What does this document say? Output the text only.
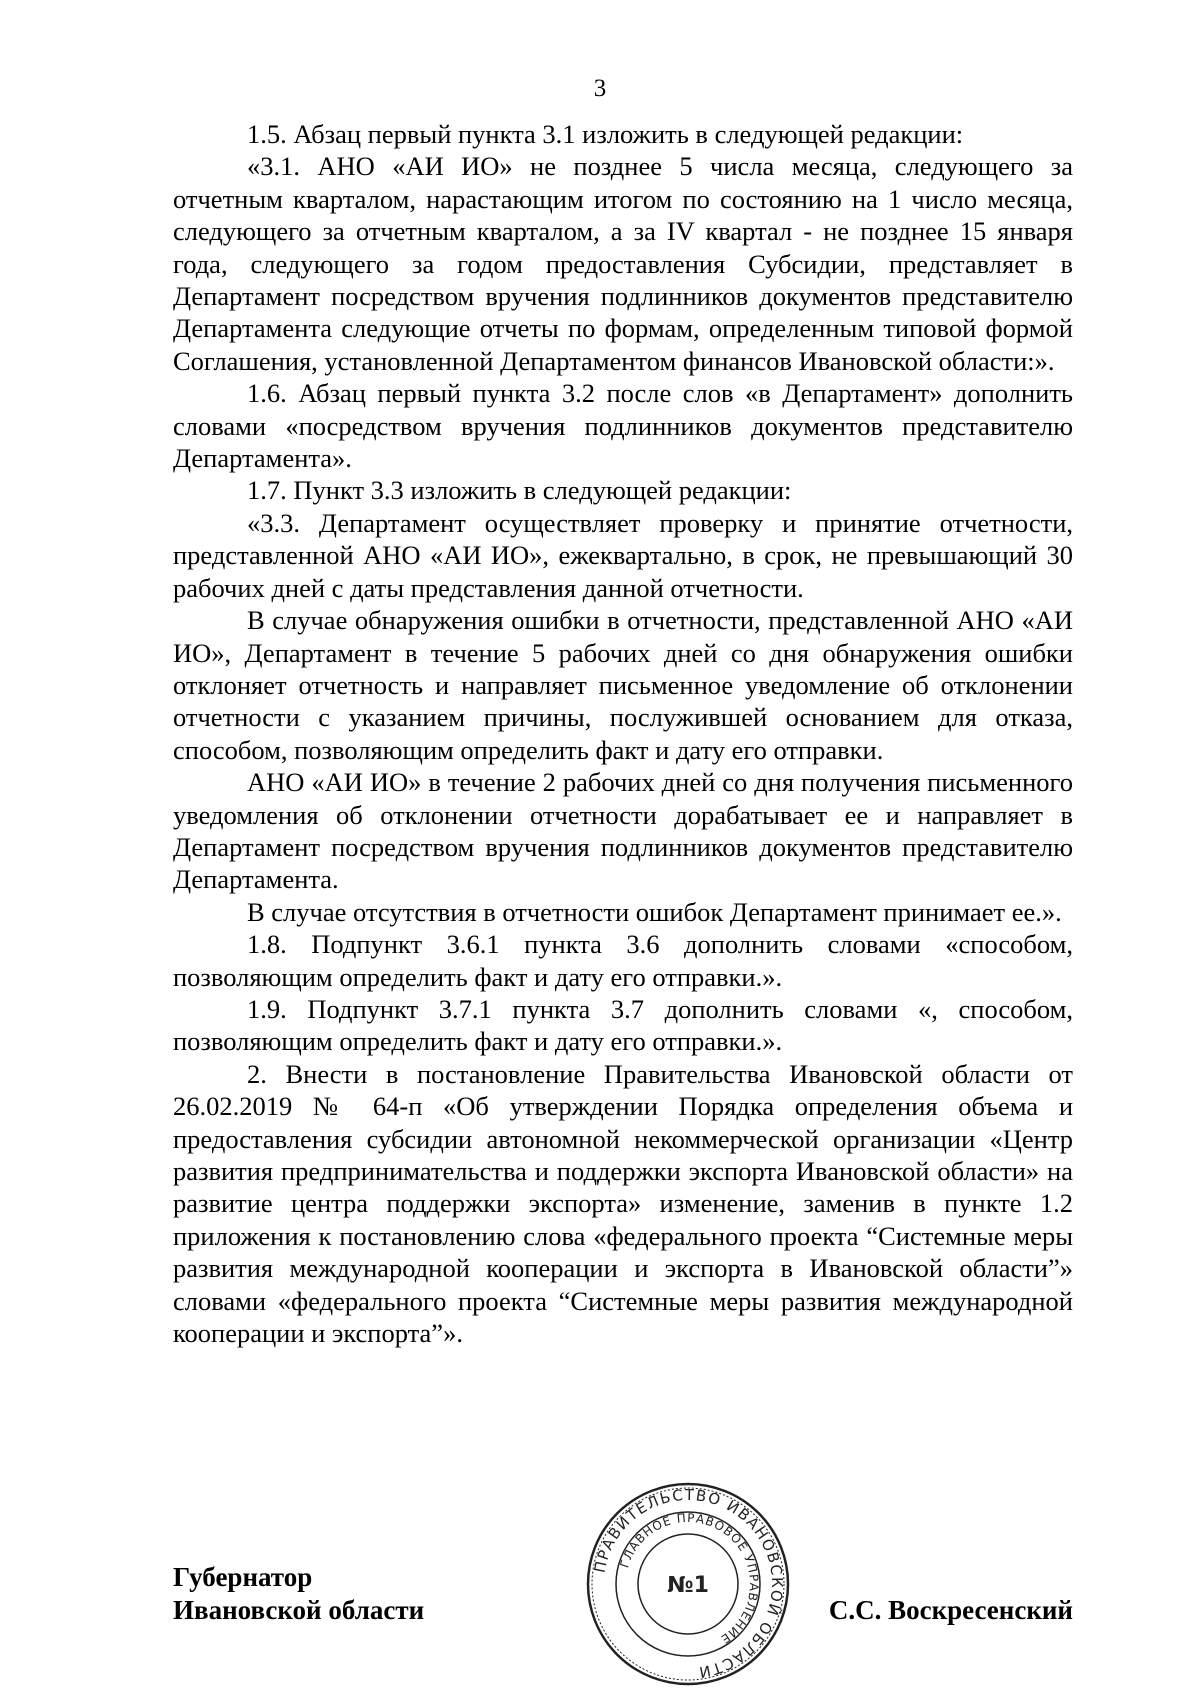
3

1.5. Абзац первый пункта 3.1 изложить в следующей редакции:

«3.1. АНО «АИ ИО» не позднее 5 числа месяца, следующего за отчетным кварталом, нарастающим итогом по состоянию на 1 число месяца, следующего за отчетным кварталом, а за IV квартал - не позднее 15 января года, следующего за годом предоставления Субсидии, представляет в Департамент посредством вручения подлинников документов представителю Департамента следующие отчеты по формам, определенным типовой формой Соглашения, установленной Департаментом финансов Ивановской области:».

1.6. Абзац первый пункта 3.2 после слов «в Департамент» дополнить словами «посредством вручения подлинников документов представителю Департамента».

1.7. Пункт 3.3 изложить в следующей редакции:

«3.3. Департамент осуществляет проверку и принятие отчетности, представленной АНО «АИ ИО», ежеквартально, в срок, не превышающий 30 рабочих дней с даты представления данной отчетности.

В случае обнаружения ошибки в отчетности, представленной АНО «АИ ИО», Департамент в течение 5 рабочих дней со дня обнаружения ошибки отклоняет отчетность и направляет письменное уведомление об отклонении отчетности с указанием причины, послужившей основанием для отказа, способом, позволяющим определить факт и дату его отправки.

АНО «АИ ИО» в течение 2 рабочих дней со дня получения письменного уведомления об отклонении отчетности дорабатывает ее и направляет в Департамент посредством вручения подлинников документов представителю Департамента.

В случае отсутствия в отчетности ошибок Департамент принимает ее.».

1.8. Подпункт 3.6.1 пункта 3.6 дополнить словами «способом, позволяющим определить факт и дату его отправки.».

1.9. Подпункт 3.7.1 пункта 3.7 дополнить словами «, способом, позволяющим определить факт и дату его отправки.».

2. Внести в постановление Правительства Ивановской области от 26.02.2019 № 64-п «Об утверждении Порядка определения объема и предоставления субсидии автономной некоммерческой организации «Центр развития предпринимательства и поддержки экспорта Ивановской области» на развитие центра поддержки экспорта» изменение, заменив в пункте 1.2 приложения к постановлению слова «федерального проекта “Системные меры развития международной кооперации и экспорта в Ивановской области”» словами «федерального проекта “Системные меры развития международной кооперации и экспорта”».

Губернатор
Ивановской области	С.С. Воскресенский
ПРАВИТЕЛЬСТВО ИВАНОВСКОЙ ОБЛАСТИ
ГЛАВНОЕ ПРАВОВОЕ УПРАВЛЕНИЕ
№1
